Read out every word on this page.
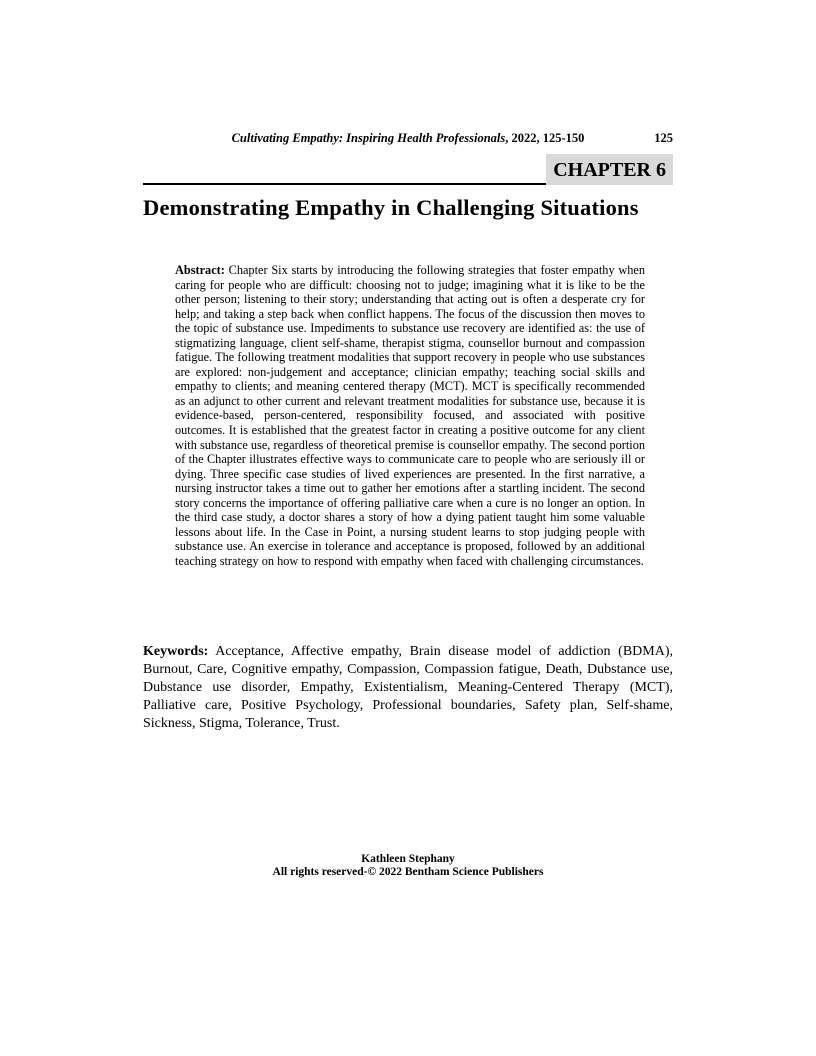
Cultivating Empathy: Inspiring Health Professionals, 2022, 125-150	125
CHAPTER 6
Demonstrating Empathy in Challenging Situations

Abstract: Chapter Six starts by introducing the following strategies that foster empathy when caring for people who are difficult: choosing not to judge; imagining what it is like to be the other person; listening to their story; understanding that acting out is often a desperate cry for help; and taking a step back when conflict happens. The focus of the discussion then moves to the topic of substance use. Impediments to substance use recovery are identified as: the use of stigmatizing language, client self-shame, therapist stigma, counsellor burnout and compassion fatigue. The following treatment modalities that support recovery in people who use substances are explored: non-judgement and acceptance; clinician empathy; teaching social skills and empathy to clients; and meaning centered therapy (MCT). MCT is specifically recommended as an adjunct to other current and relevant treatment modalities for substance use, because it is evidence-based, person-centered, responsibility focused, and associated with positive outcomes. It is established that the greatest factor in creating a positive outcome for any client with substance use, regardless of theoretical premise is counsellor empathy. The second portion of the Chapter illustrates effective ways to communicate care to people who are seriously ill or dying. Three specific case studies of lived experiences are presented. In the first narrative, a nursing instructor takes a time out to gather her emotions after a startling incident. The second story concerns the importance of offering palliative care when a cure is no longer an option. In the third case study, a doctor shares a story of how a dying patient taught him some valuable lessons about life. In the Case in Point, a nursing student learns to stop judging people with substance use. An exercise in tolerance and acceptance is proposed, followed by an additional teaching strategy on how to respond with empathy when faced with challenging circumstances.

Keywords: Acceptance, Affective empathy, Brain disease model of addiction (BDMA), Burnout, Care, Cognitive empathy, Compassion, Compassion fatigue, Death, Dubstance use, Dubstance use disorder, Empathy, Existentialism, Meaning-Centered Therapy (MCT), Palliative care, Positive Psychology, Professional boundaries, Safety plan, Self-shame, Sickness, Stigma, Tolerance, Trust.

Kathleen Stephany
All rights reserved-© 2022 Bentham Science Publishers
